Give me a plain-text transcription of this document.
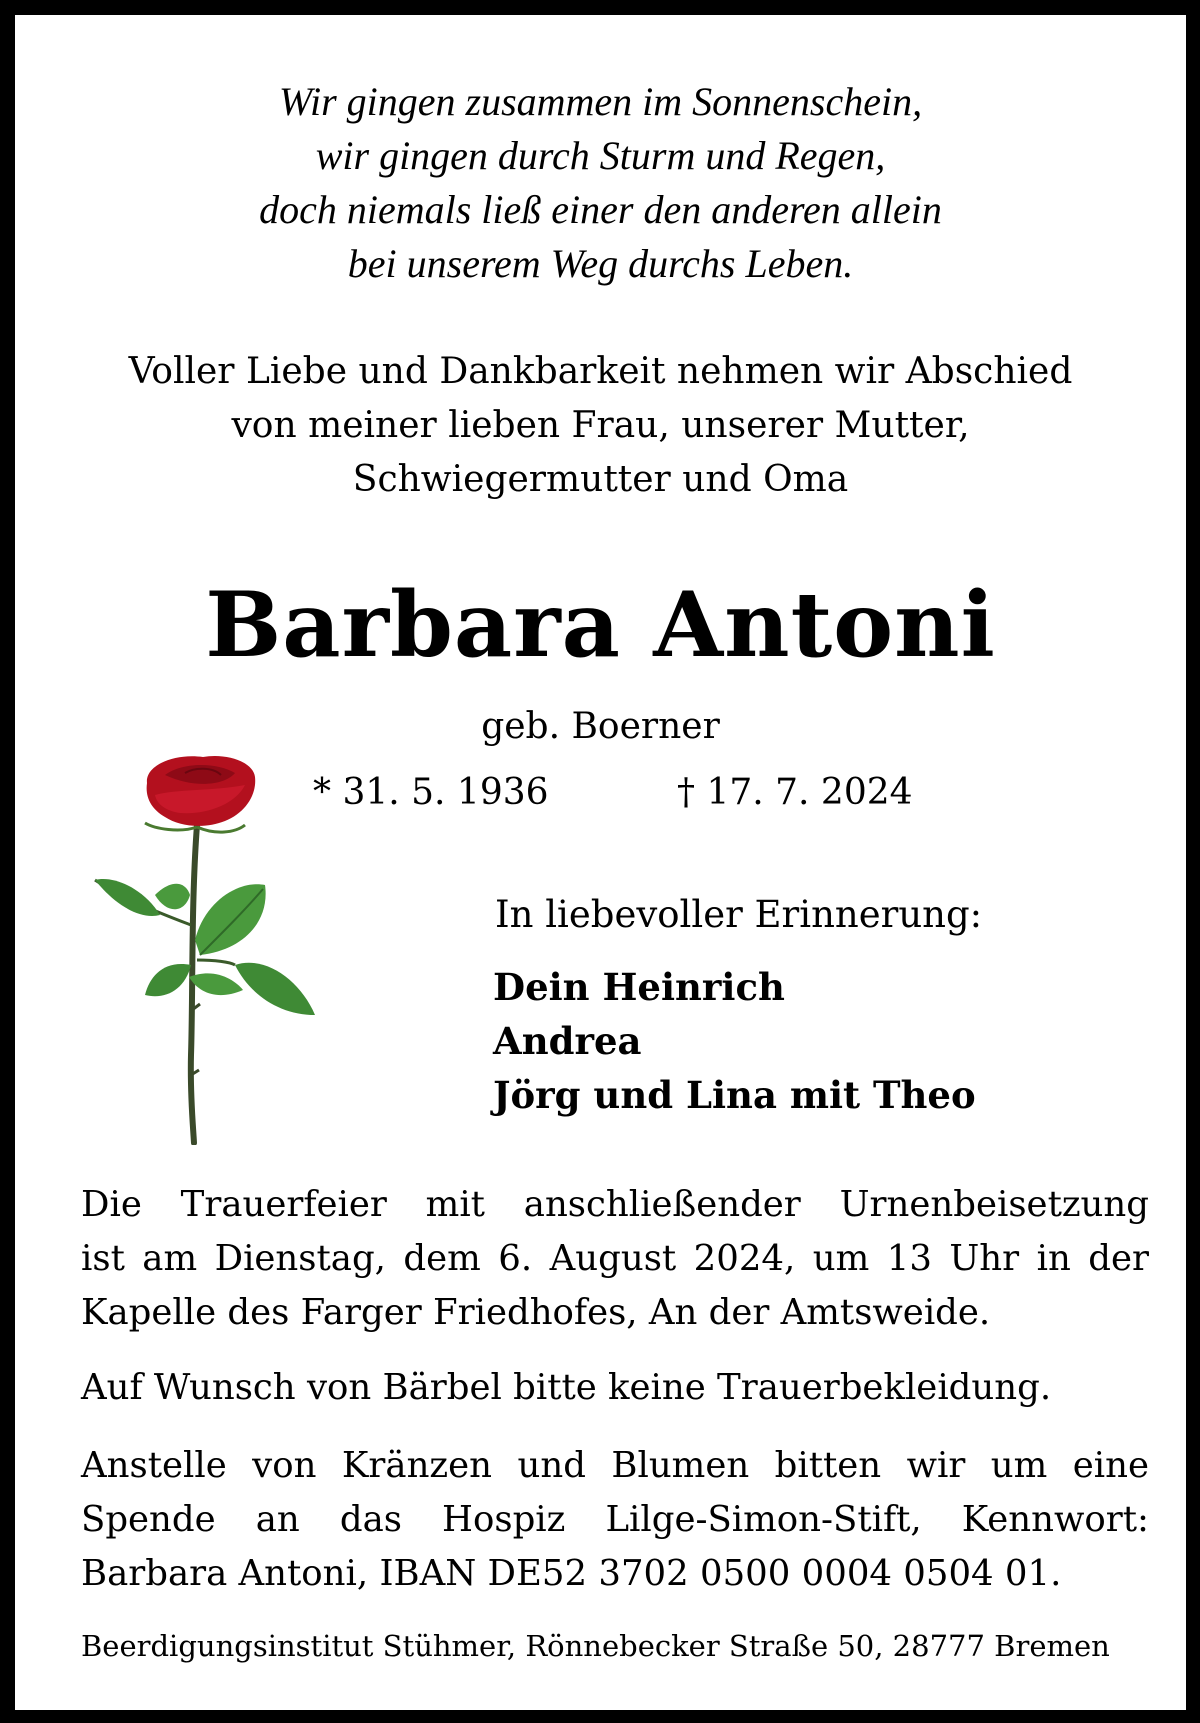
Wir gingen zusammen im Sonnenschein,
wir gingen durch Sturm und Regen,
doch niemals ließ einer den anderen allein
bei unserem Weg durchs Leben.
Voller Liebe und Dankbarkeit nehmen wir Abschied
von meiner lieben Frau, unserer Mutter,
Schwiegermutter und Oma
Barbara Antoni
geb. Boerner
* 31. 5. 1936	† 17. 7. 2024
In liebevoller Erinnerung:
Dein Heinrich
Andrea
Jörg und Lina mit Theo
Die Trauerfeier mit anschließender Urnenbeisetzung
ist am Dienstag, dem 6. August 2024, um 13 Uhr in der
Kapelle des Farger Friedhofes, An der Amtsweide.
Auf Wunsch von Bärbel bitte keine Trauerbekleidung.
Anstelle von Kränzen und Blumen bitten wir um eine
Spende an das Hospiz Lilge-Simon-Stift, Kennwort:
Barbara Antoni, IBAN DE52 3702 0500 0004 0504 01.
Beerdigungsinstitut Stühmer, Rönnebecker Straße 50, 28777 Bremen
